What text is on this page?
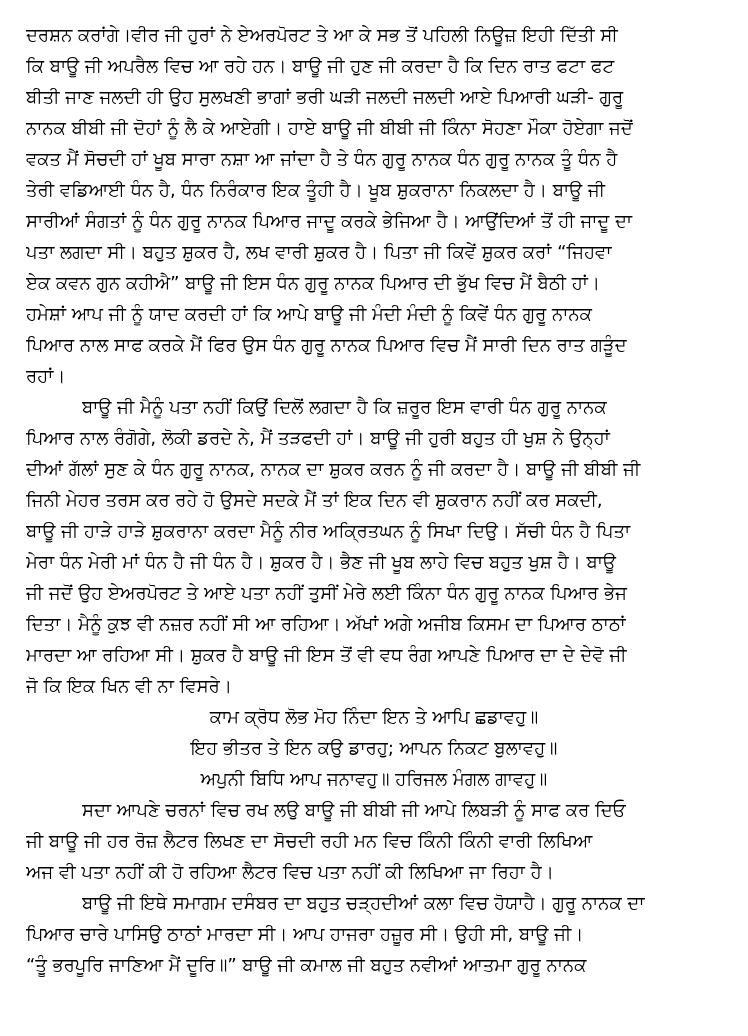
ਦਰਸ਼ਨ ਕਰਾਂਗੇ।ਵੀਰ ਜੀ ਹੁਰਾਂ ਨੇ ਏਅਰਪੋਰਟ ਤੇ ਆ ਕੇ ਸਭ ਤੋਂ ਪਹਿਲੀ ਨਿਊਜ਼ ਇਹੀ ਦਿੱਤੀ ਸੀ
ਕਿ ਬਾਊ ਜੀ ਅਪਰੈਲ ਵਿਚ ਆ ਰਹੇ ਹਨ। ਬਾਊ ਜੀ ਹੁਣ ਜੀ ਕਰਦਾ ਹੈ ਕਿ ਦਿਨ ਰਾਤ ਫਟਾ ਫਟ
ਬੀਤੀ ਜਾਣ ਜਲਦੀ ਹੀ ਉਹ ਸੁਲਖਣੀ ਭਾਗਾਂ ਭਰੀ ਘੜੀ ਜਲਦੀ ਜਲਦੀ ਆਏ ਪਿਆਰੀ ਘੜੀ- ਗੁਰੂ
ਨਾਨਕ ਬੀਬੀ ਜੀ ਦੋਹਾਂ ਨੂੰ ਲੈ ਕੇ ਆਏਗੀ। ਹਾਏ ਬਾਊ ਜੀ ਬੀਬੀ ਜੀ ਕਿੰਨਾ ਸੋਹਣਾ ਮੌਕਾ ਹੋਏਗਾ ਜਦੋਂ
ਵਕਤ ਮੈਂ ਸੋਚਦੀ ਹਾਂ ਖੂਬ ਸਾਰਾ ਨਸ਼ਾ ਆ ਜਾਂਦਾ ਹੈ ਤੇ ਧੰਨ ਗੁਰੂ ਨਾਨਕ ਧੰਨ ਗੁਰੂ ਨਾਨਕ ਤੂੰ ਧੰਨ ਹੈ
ਤੇਰੀ ਵਡਿਆਈ ਧੰਨ ਹੈ, ਧੰਨ ਨਿਰੰਕਾਰ ਇਕ ਤੂੰਹੀ ਹੈ। ਖੂਬ ਸ਼ੁਕਰਾਨਾ ਨਿਕਲਦਾ ਹੈ। ਬਾਊ ਜੀ
ਸਾਰੀਆਂ ਸੰਗਤਾਂ ਨੂੰ ਧੰਨ ਗੁਰੂ ਨਾਨਕ ਪਿਆਰ ਜਾਦੂ ਕਰਕੇ ਭੇਜਿਆ ਹੈ। ਆਉਂਦਿਆਂ ਤੋਂ ਹੀ ਜਾਦੂ ਦਾ
ਪਤਾ ਲਗਦਾ ਸੀ। ਬਹੁਤ ਸ਼ੁਕਰ ਹੈ, ਲਖ ਵਾਰੀ ਸ਼ੁਕਰ ਹੈ। ਪਿਤਾ ਜੀ ਕਿਵੇਂ ਸ਼ੁਕਰ ਕਰਾਂ “ਜਿਹਵਾ
ਏਕ ਕਵਨ ਗੁਨ ਕਹੀਐ” ਬਾਊ ਜੀ ਇਸ ਧੰਨ ਗੁਰੂ ਨਾਨਕ ਪਿਆਰ ਦੀ ਭੁੱਖ ਵਿਚ ਮੈਂ ਬੈਠੀ ਹਾਂ।
ਹਮੇਸ਼ਾਂ ਆਪ ਜੀ ਨੂੰ ਯਾਦ ਕਰਦੀ ਹਾਂ ਕਿ ਆਪੇ ਬਾਊ ਜੀ ਮੰਦੀ ਮੰਦੀ ਨੂੰ ਕਿਵੇਂ ਧੰਨ ਗੁਰੂ ਨਾਨਕ
ਪਿਆਰ ਨਾਲ ਸਾਫ ਕਰਕੇ ਮੈਂ ਫਿਰ ਉਸ ਧੰਨ ਗੁਰੂ ਨਾਨਕ ਪਿਆਰ ਵਿਚ ਮੈਂ ਸਾਰੀ ਦਿਨ ਰਾਤ ਗੜੂੰਦ
ਰਹਾਂ।
ਬਾਊ ਜੀ ਮੈਨੂੰ ਪਤਾ ਨਹੀਂ ਕਿਉਂ ਦਿਲੋਂ ਲਗਦਾ ਹੈ ਕਿ ਜ਼ਰੂਰ ਇਸ ਵਾਰੀ ਧੰਨ ਗੁਰੂ ਨਾਨਕ
ਪਿਆਰ ਨਾਲ ਰੰਗੋਗੇ, ਲੋਕੀ ਡਰਦੇ ਨੇ, ਮੈਂ ਤੜਫਦੀ ਹਾਂ। ਬਾਊ ਜੀ ਹੁਰੀ ਬਹੁਤ ਹੀ ਖੁਸ਼ ਨੇ ਉਨ੍ਹਾਂ
ਦੀਆਂ ਗੱਲਾਂ ਸੁਣ ਕੇ ਧੰਨ ਗੁਰੂ ਨਾਨਕ, ਨਾਨਕ ਦਾ ਸ਼ੁਕਰ ਕਰਨ ਨੂੰ ਜੀ ਕਰਦਾ ਹੈ। ਬਾਊ ਜੀ ਬੀਬੀ ਜੀ
ਜਿਨੀ ਮੇਹਰ ਤਰਸ ਕਰ ਰਹੇ ਹੋ ਉਸਦੇ ਸਦਕੇ ਮੈਂ ਤਾਂ ਇਕ ਦਿਨ ਵੀ ਸ਼ੁਕਰਾਨ ਨਹੀਂ ਕਰ ਸਕਦੀ,
ਬਾਊ ਜੀ ਹਾੜੇ ਹਾੜੇ ਸ਼ੁਕਰਾਨਾ ਕਰਦਾ ਮੈਨੂੰ ਨੀਰ ਅਕ੍ਰਿਤਘਨ ਨੂੰ ਸਿਖਾ ਦਿਉ। ਸੱਚੀ ਧੰਨ ਹੈ ਪਿਤਾ
ਮੇਰਾ ਧੰਨ ਮੇਰੀ ਮਾਂ ਧੰਨ ਹੈ ਜੀ ਧੰਨ ਹੈ। ਸ਼ੁਕਰ ਹੈ। ਭੈਣ ਜੀ ਖੂਬ ਲਾਹੇ ਵਿਚ ਬਹੁਤ ਖੁਸ਼ ਹੈ। ਬਾਊ
ਜੀ ਜਦੋਂ ਉਹ ਏਅਰਪੋਰਟ ਤੇ ਆਏ ਪਤਾ ਨਹੀਂ ਤੁਸੀਂ ਮੇਰੇ ਲਈ ਕਿੰਨਾ ਧੰਨ ਗੁਰੂ ਨਾਨਕ ਪਿਆਰ ਭੇਜ
ਦਿਤਾ। ਮੈਨੂੰ ਕੁਝ ਵੀ ਨਜ਼ਰ ਨਹੀਂ ਸੀ ਆ ਰਹਿਆ। ਅੱਖਾਂ ਅਗੇ ਅਜੀਬ ਕਿਸਮ ਦਾ ਪਿਆਰ ਠਾਠਾਂ
ਮਾਰਦਾ ਆ ਰਹਿਆ ਸੀ। ਸ਼ੁਕਰ ਹੈ ਬਾਊ ਜੀ ਇਸ ਤੋਂ ਵੀ ਵਧ ਰੰਗ ਆਪਣੇ ਪਿਆਰ ਦਾ ਦੇ ਦੇਵੋ ਜੀ
ਜੋ ਕਿ ਇਕ ਖਿਨ ਵੀ ਨਾ ਵਿਸਰੇ।
ਕਾਮ ਕ੍ਰੋਧ ਲੋਭ ਮੋਹ ਨਿੰਦਾ ਇਨ ਤੇ ਆਪਿ ਛਡਾਵਹੁ॥
ਇਹ ਭੀਤਰ ਤੇ ਇਨ ਕਉ ਡਾਰਹੁ; ਆਪਨ ਨਿਕਟ ਬੁਲਾਵਹੁ॥
ਅਪੁਨੀ ਬਿਧਿ ਆਪ ਜਨਾਵਹੁ॥ ਹਰਿਜਲ ਮੰਗਲ ਗਾਵਹੁ॥
ਸਦਾ ਆਪਣੇ ਚਰਨਾਂ ਵਿਚ ਰਖ ਲਉ ਬਾਊ ਜੀ ਬੀਬੀ ਜੀ ਆਪੇ ਲਿਬੜੀ ਨੂੰ ਸਾਫ ਕਰ ਦਿਓ
ਜੀ ਬਾਊ ਜੀ ਹਰ ਰੋਜ਼ ਲੈਟਰ ਲਿਖਣ ਦਾ ਸੋਚਦੀ ਰਹੀ ਮਨ ਵਿਚ ਕਿੰਨੀ ਕਿੰਨੀ ਵਾਰੀ ਲਿਖਿਆ
ਅਜ ਵੀ ਪਤਾ ਨਹੀਂ ਕੀ ਹੋ ਰਹਿਆ ਲੈਟਰ ਵਿਚ ਪਤਾ ਨਹੀਂ ਕੀ ਲਿਖਿਆ ਜਾ ਰਿਹਾ ਹੈ।
ਬਾਊ ਜੀ ਇਥੇ ਸਮਾਗਮ ਦਸੰਬਰ ਦਾ ਬਹੁਤ ਚੜ੍ਹਦੀਆਂ ਕਲਾ ਵਿਚ ਹੋਯਾਹੈ। ਗੁਰੂ ਨਾਨਕ ਦਾ
ਪਿਆਰ ਚਾਰੇ ਪਾਸਿਉ ਠਾਠਾਂ ਮਾਰਦਾ ਸੀ। ਆਪ ਹਾਜਰਾ ਹਜ਼ੂਰ ਸੀ। ਉਹੀ ਸੀ, ਬਾਊ ਜੀ।
“ਤੂੰ ਭਰਪੂਰਿ ਜਾਣਿਆ ਮੈਂ ਦੂਰਿ॥” ਬਾਊ ਜੀ ਕਮਾਲ ਜੀ ਬਹੁਤ ਨਵੀਆਂ ਆਤਮਾ ਗੁਰੂ ਨਾਨਕ
